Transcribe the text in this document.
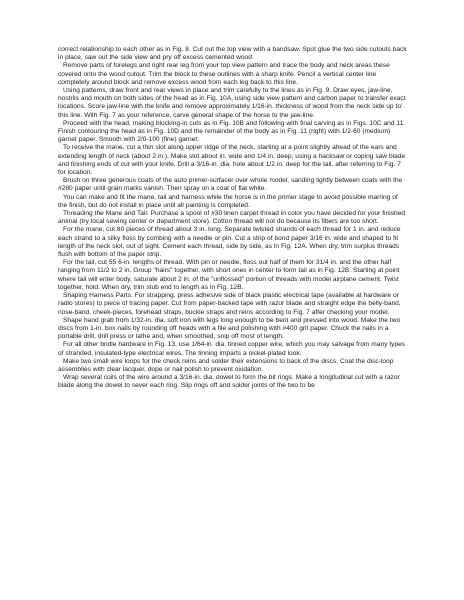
correct relationship to each other as in Fig. 8. Cut out the top view with a bandsaw. Spot glue the two side cutouts back in place, saw out the side view and pry off excess cemented wood.

Remove parts of forelegs and right rear leg from your top view pattern and trace the body and neck areas these covered onto the wood cutout. Trim the block to these outlines with a sharp knife. Pencil a vertical center line completely around block and remove excess wood from each leg back to this line.

Using patterns, draw front and rear views in place and trim carefully to the lines as in Fig. 9. Draw eyes, jaw-line, nostrils and mouth on both sides of the head as in Fig. 10A, using side view pattern and carbon paper to transfer exact locations. Score jaw-line with the knife and remove approximately 1/16-in. thickness of wood from the neck side up to' this line. With Fig. 7 as your reference, carve general shape of the horse to the jaw-line.

Proceed with the head, making blocking-in cuts as in Fig. 10B and following with final carving as in Figs. 10C and 11. Finish contouring the head as in Fig. 10D and the remainder of the body as in Fig. 11 (right) with 1/2-60 (medium) garnet paper. Smooth with 2/0-100 (fine) garnet.

To receive the mane, cut a thin slot along upper ridge of the neck, starting at a point slightly ahead of the ears and extending length of neck (about 2 in.). Make slot about in. wide and 1/4 in. deep, using a hacksaw or coping saw blade and finishing ends of cut with your knife. Drill a 3/16-in. dia. hole about 1/2 in. deep for the tail, after referring to Fig. 7 for location.

Brush on three generous coats of the auto primer-surfacer over whole model, sanding lightly between coats with the #280 paper until grain marks vanish. Then spray on a coat of flat white.

You can make and fit the mane, tail and harness while the horse is in the primer stage to avoid possible marring of the finish, but do not install in place until all painting is completed.

Threading the Mane and Tail. Purchase a spool of #30 linen carpet thread in color you have decided for your finished animal (try local sewing center or department store). Cotton thread will not do because its fibers are too short.

For the mane, cut 80 pieces of thread about 3 in. long. Separate twisted strands of each thread for 1 in. and reduce each strand to a silky floss by combing with a needle or pin. Cut a strip of bond paper 3/16 in. wide and shaped to fit length of the neck slot, out of sight. Cement each thread, side by side, as in Fig. 12A. When dry, trim surplus threads flush with bottom of the paper strip.

For the tail, cut 55 6-in. lengths of thread. With pin or needle, floss out half of them for 31/4 in. and the other half ranging from 11/2 to 2 in. Group "hairs" together, with short ones in center to form tail as in Fig. 12B. Starting at point where tail will enter body, saturate about 2 in. of the "unflossed" portion of threads with model airplane cement. Twist together, hold. When dry, trim stub end to length as in Fig. 12B.

Shaping Harness Parts. For strapping, press adhesive side of black plastic electrical tape (available at hardware or radio stores) to piece of tracing paper. Cut from paper-backed tape with razor blade and straight edge the belly-band, nose-band, cheek-pieces, forehead straps, buckle straps and reins according to Fig. 7 after checking your model.

Shape hand grab from 1/32-in. dia. soft iron with legs long enough to be bent and pressed into wood. Make the two discs from 1-in. box nails by rounding off heads with a file and polishing with #400 grit paper. Chuck the nails in a portable drill, drill press or lathe and, when smoothed, snip off most of length.

For all other bridle hardware in Fig. 13, use 1/64-in. dia. tinned copper wire, which you may salvage from many types of stranded, insulated-type electrical wires. The tinning imparts a nickel-plated look.

Make two small wire loops for the check reins and solder their extensions to back of the discs. Coat the disc-loop assemblies with clear lacquer, dope or nail polish to prevent oxidation.

Wrap several coils of the wire around a 3/16-in. dia. dowel to form the bit rings. Make a longitudinal cut with a razor blade along the dowel to sever each ring. Slip rings off and solder joints of the two to be
